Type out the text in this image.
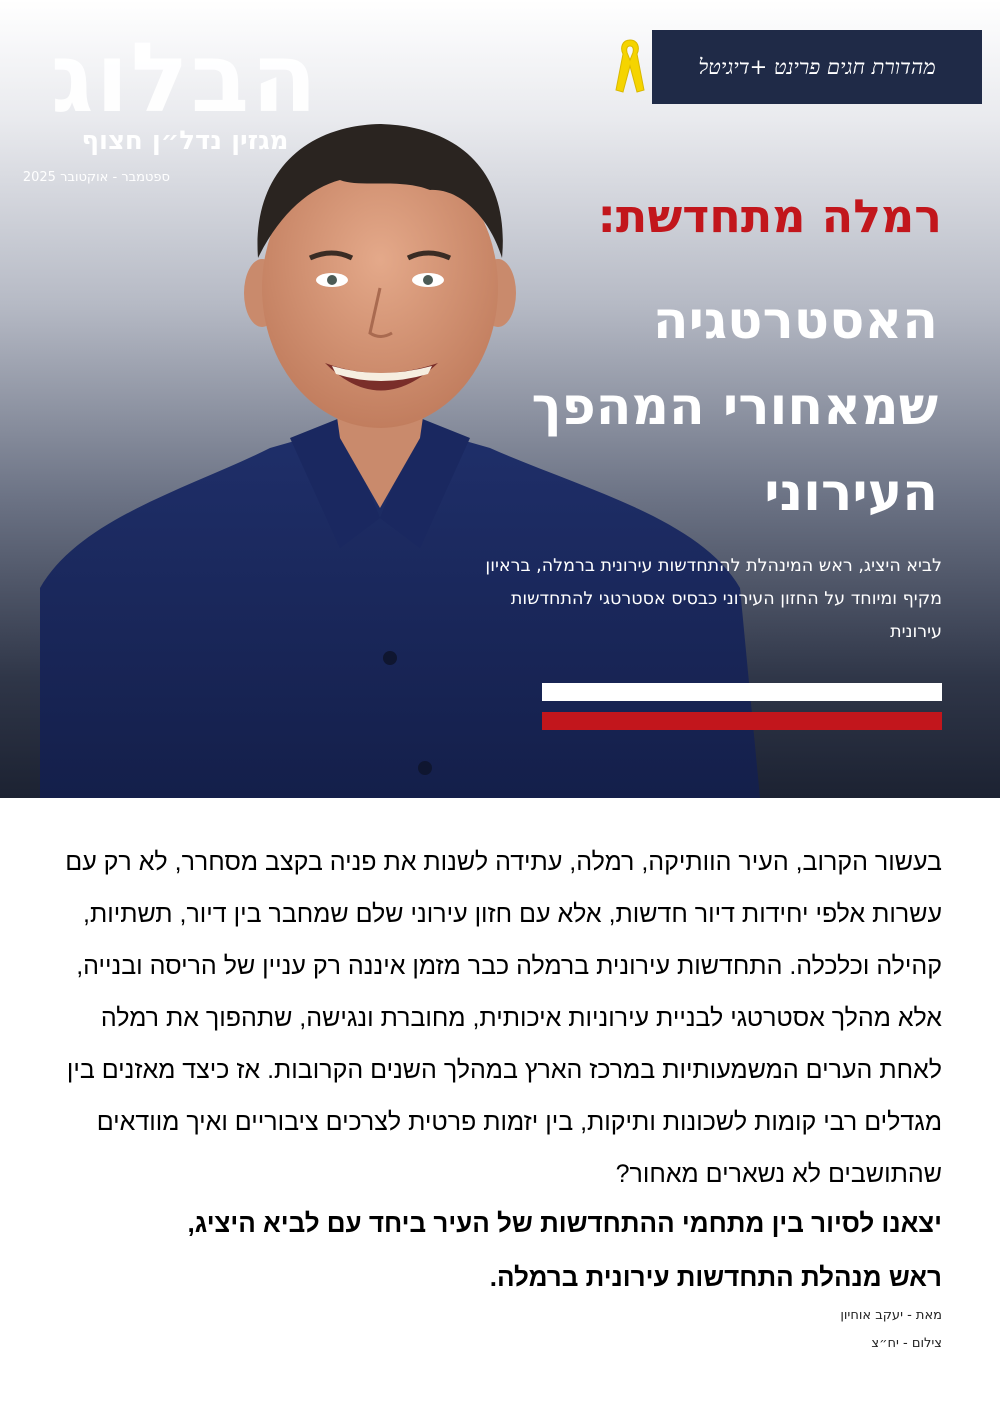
הבלוג
מגזין נדל״ן חצוף
ספטמבר - אוקטובר 2025
מהדורת חגים פרינט +דיגיטל
רמלה מתחדשת:
האסטרטגיה
שמאחורי המהפך
העירוני
לביא היציג, ראש המינהלת להתחדשות עירונית ברמלה, בראיון מקיף ומיוחד על החזון העירוני כבסיס אסטרטגי להתחדשות עירונית

בעשור הקרוב, העיר הוותיקה, רמלה, עתידה לשנות את פניה בקצב מסחרר, לא רק עם עשרות אלפי יחידות דיור חדשות, אלא עם חזון עירוני שלם שמחבר בין דיור, תשתיות, קהילה וכלכלה. התחדשות עירונית ברמלה כבר מזמן איננה רק עניין של הריסה ובנייה, אלא מהלך אסטרטגי לבניית עירוניות איכותית, מחוברת ונגישה, שתהפוך את רמלה לאחת הערים המשמעותיות במרכז הארץ במהלך השנים הקרובות. אז כיצד מאזנים בין מגדלים רבי קומות לשכונות ותיקות, בין יזמות פרטית לצרכים ציבוריים ואיך מוודאים שהתושבים לא נשארים מאחור?

יצאנו לסיור בין מתחמי ההתחדשות של העיר ביחד עם לביא היציג,

ראש מנהלת התחדשות עירונית ברמלה.

מאת - יעקב אוחיון
צילום - יח״צ
